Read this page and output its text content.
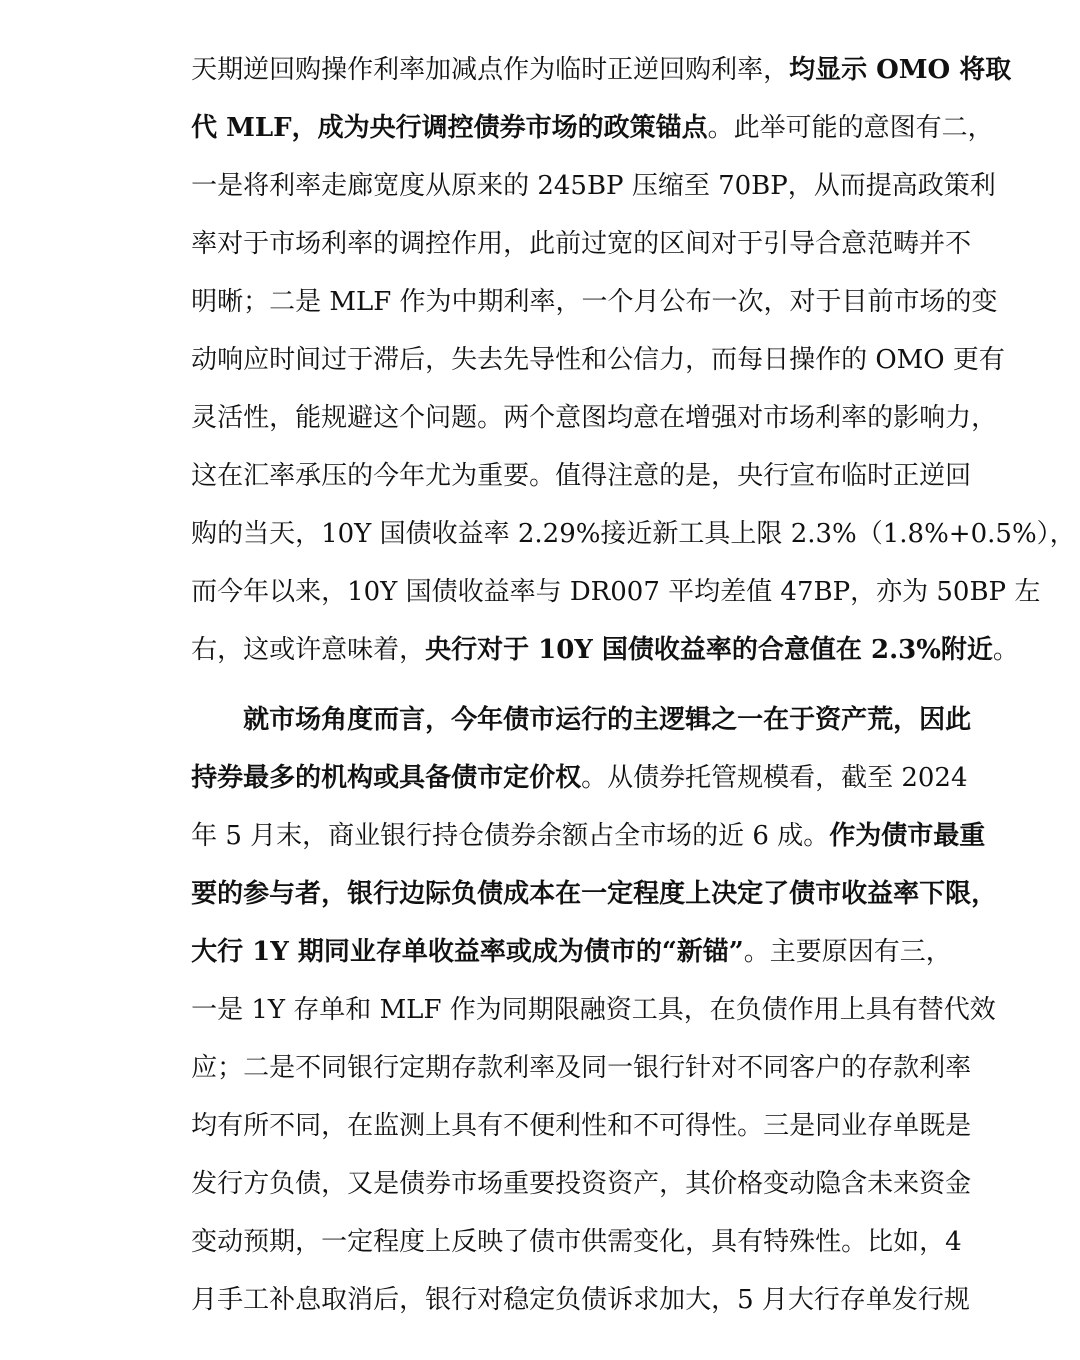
天期逆回购操作利率加减点作为临时正逆回购利率，均显示 OMO 将取

代 MLF，成为央行调控债券市场的政策锚点。此举可能的意图有二，

一是将利率走廊宽度从原来的 245BP 压缩至 70BP，从而提高政策利

率对于市场利率的调控作用，此前过宽的区间对于引导合意范畴并不

明晰；二是 MLF 作为中期利率，一个月公布一次，对于目前市场的变

动响应时间过于滞后，失去先导性和公信力，而每日操作的 OMO 更有

灵活性，能规避这个问题。两个意图均意在增强对市场利率的影响力，

这在汇率承压的今年尤为重要。值得注意的是，央行宣布临时正逆回

购的当天，10Y 国债收益率 2.29%接近新工具上限 2.3%（1.8%+0.5%），

而今年以来，10Y 国债收益率与 DR007 平均差值 47BP，亦为 50BP 左

右，这或许意味着，央行对于 10Y 国债收益率的合意值在 2.3%附近。

就市场角度而言，今年债市运行的主逻辑之一在于资产荒，因此

持券最多的机构或具备债市定价权。从债券托管规模看，截至 2024

年 5 月末，商业银行持仓债券余额占全市场的近 6 成。作为债市最重

要的参与者，银行边际负债成本在一定程度上决定了债市收益率下限，

大行 1Y 期同业存单收益率或成为债市的“新锚”。主要原因有三，

一是 1Y 存单和 MLF 作为同期限融资工具，在负债作用上具有替代效

应；二是不同银行定期存款利率及同一银行针对不同客户的存款利率

均有所不同，在监测上具有不便利性和不可得性。三是同业存单既是

发行方负债，又是债券市场重要投资资产，其价格变动隐含未来资金

变动预期，一定程度上反映了债市供需变化，具有特殊性。比如，4

月手工补息取消后，银行对稳定负债诉求加大，5 月大行存单发行规
